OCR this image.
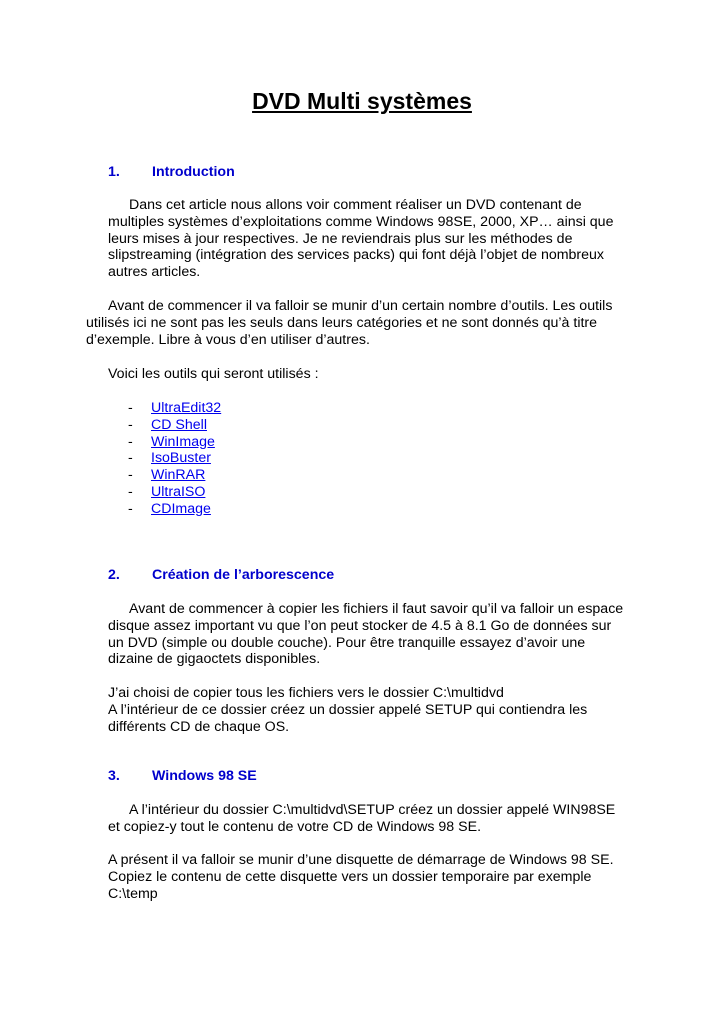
DVD Multi systèmes
1. Introduction
Dans cet article nous allons voir comment réaliser un DVD contenant de
multiples systèmes d’exploitations comme Windows 98SE, 2000, XP… ainsi que
leurs mises à jour respectives. Je ne reviendrais plus sur les méthodes de
slipstreaming (intégration des services packs) qui font déjà l’objet de nombreux
autres articles.
Avant de commencer il va falloir se munir d’un certain nombre d’outils. Les outils
utilisés ici ne sont pas les seuls dans leurs catégories et ne sont donnés qu’à titre
d’exemple. Libre à vous d’en utiliser d’autres.
Voici les outils qui seront utilisés :
- UltraEdit32
- CD Shell
- WinImage
- IsoBuster
- WinRAR
- UltraISO
- CDImage
2. Création de l’arborescence
Avant de commencer à copier les fichiers il faut savoir qu’il va falloir un espace
disque assez important vu que l’on peut stocker de 4.5 à 8.1 Go de données sur
un DVD (simple ou double couche). Pour être tranquille essayez d’avoir une
dizaine de gigaoctets disponibles.
J’ai choisi de copier tous les fichiers vers le dossier C:\multidvd
A l’intérieur de ce dossier créez un dossier appelé SETUP qui contiendra les
différents CD de chaque OS.
3. Windows 98 SE
A l’intérieur du dossier C:\multidvd\SETUP créez un dossier appelé WIN98SE
et copiez-y tout le contenu de votre CD de Windows 98 SE.
A présent il va falloir se munir d’une disquette de démarrage de Windows 98 SE.
Copiez le contenu de cette disquette vers un dossier temporaire par exemple
C:\temp
